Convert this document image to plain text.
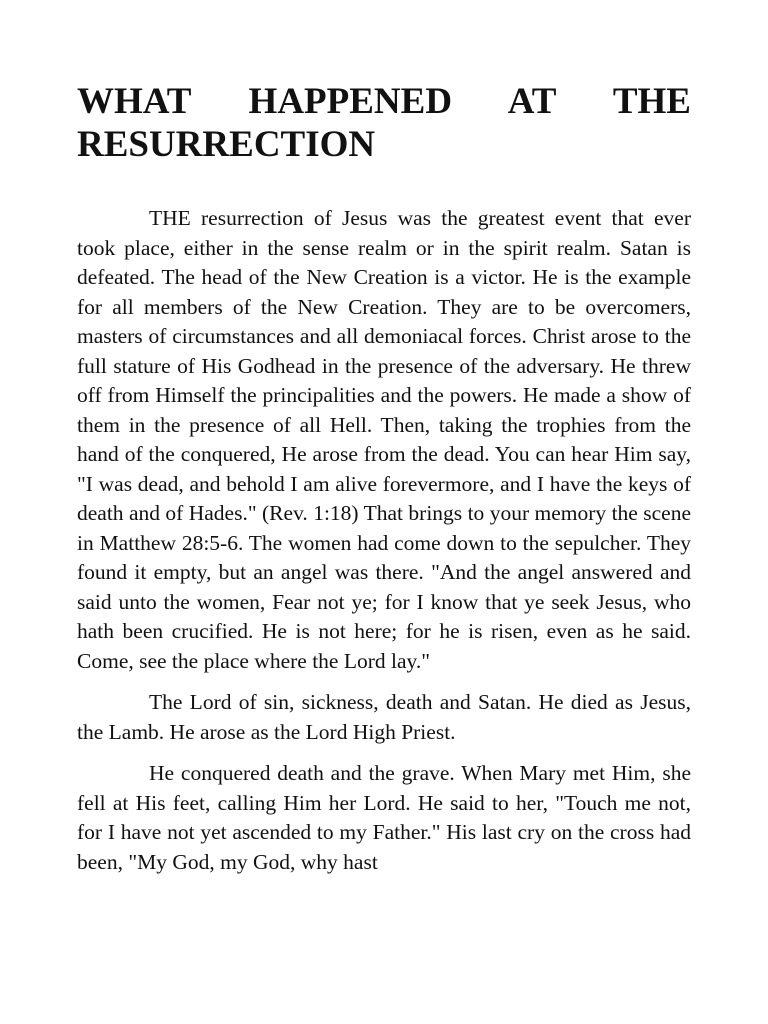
WHAT HAPPENED AT THE RESURRECTION

THE resurrection of Jesus was the greatest event that ever took place, either in the sense realm or in the spirit realm. Satan is defeated. The head of the New Creation is a victor. He is the example for all members of the New Creation. They are to be overcomers, masters of circumstances and all demoniacal forces. Christ arose to the full stature of His Godhead in the presence of the adversary. He threw off from Himself the principalities and the powers. He made a show of them in the presence of all Hell. Then, taking the trophies from the hand of the conquered, He arose from the dead. You can hear Him say, "I was dead, and behold I am alive forevermore, and I have the keys of death and of Hades." (Rev. 1:18) That brings to your memory the scene in Matthew 28:5-6. The women had come down to the sepulcher. They found it empty, but an angel was there. "And the angel answered and said unto the women, Fear not ye; for I know that ye seek Jesus, who hath been crucified. He is not here; for he is risen, even as he said. Come, see the place where the Lord lay."

The Lord of sin, sickness, death and Satan. He died as Jesus, the Lamb. He arose as the Lord High Priest.

He conquered death and the grave. When Mary met Him, she fell at His feet, calling Him her Lord. He said to her, "Touch me not, for I have not yet ascended to my Father." His last cry on the cross had been, "My God, my God, why hast
